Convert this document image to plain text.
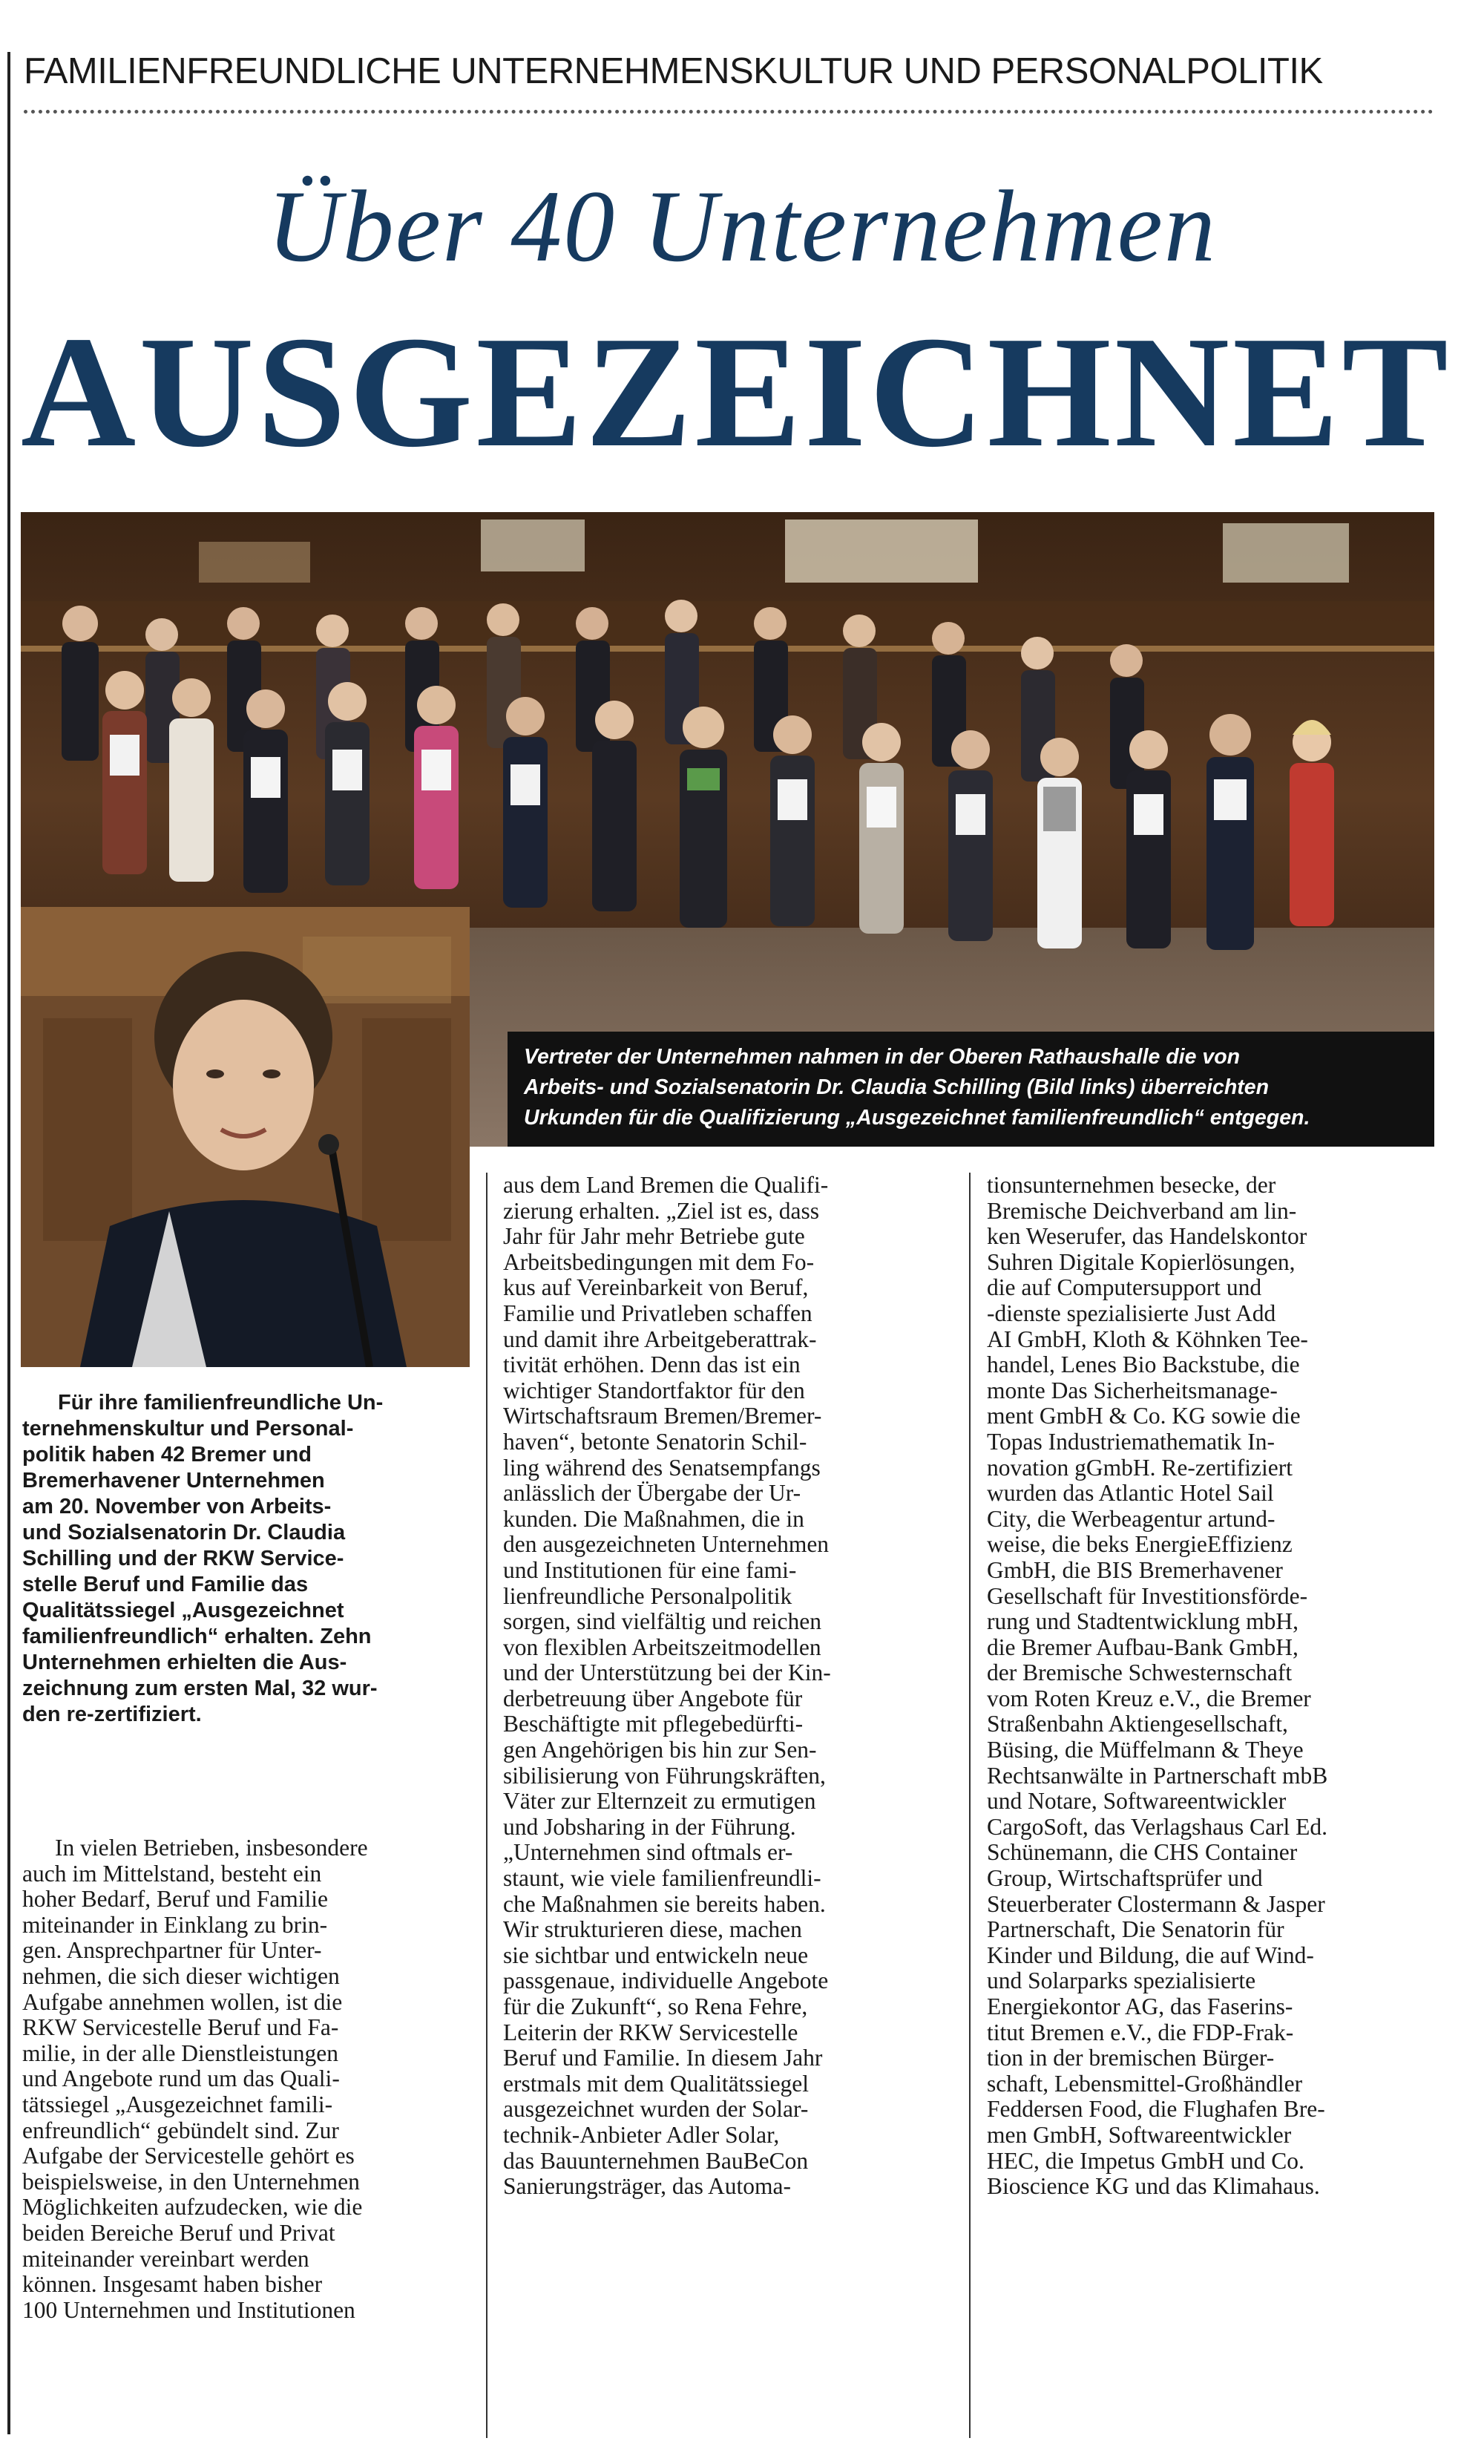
FAMILIENFREUNDLICHE UNTERNEHMENSKULTUR UND PERSONALPOLITIK
Über 40 Unternehmen
AUSGEZEICHNET
Vertreter der Unternehmen nahmen in der Oberen Rathaushalle die von
Arbeits- und Sozialsenatorin Dr. Claudia Schilling (Bild links) überreichten
Urkunden für die Qualifizierung „Ausgezeichnet familienfreundlich“ entgegen.
Für ihre familienfreundliche Un-
ternehmenskultur und Personal-
politik haben 42 Bremer und
Bremerhavener Unternehmen
am 20. November von Arbeits-
und Sozialsenatorin Dr. Claudia
Schilling und der RKW Service-
stelle Beruf und Familie das
Qualitätssiegel „Ausgezeichnet
familienfreundlich“ erhalten. Zehn
Unternehmen erhielten die Aus-
zeichnung zum ersten Mal, 32 wur-
den re-zertifiziert.
In vielen Betrieben, insbesondere
auch im Mittelstand, besteht ein
hoher Bedarf, Beruf und Familie
miteinander in Einklang zu brin-
gen. Ansprechpartner für Unter-
nehmen, die sich dieser wichtigen
Aufgabe annehmen wollen, ist die
RKW Servicestelle Beruf und Fa-
milie, in der alle Dienstleistungen
und Angebote rund um das Quali-
tätssiegel „Ausgezeichnet famili-
enfreundlich“ gebündelt sind. Zur
Aufgabe der Servicestelle gehört es
beispielsweise, in den Unternehmen
Möglichkeiten aufzudecken, wie die
beiden Bereiche Beruf und Privat
miteinander vereinbart werden
können. Insgesamt haben bisher
100 Unternehmen und Institutionen
aus dem Land Bremen die Qualifi-
zierung erhalten. „Ziel ist es, dass
Jahr für Jahr mehr Betriebe gute
Arbeitsbedingungen mit dem Fo-
kus auf Vereinbarkeit von Beruf,
Familie und Privatleben schaffen
und damit ihre Arbeitgeberattrak-
tivität erhöhen. Denn das ist ein
wichtiger Standortfaktor für den
Wirtschaftsraum Bremen/Bremer-
haven“, betonte Senatorin Schil-
ling während des Senatsempfangs
anlässlich der Übergabe der Ur-
kunden. Die Maßnahmen, die in
den ausgezeichneten Unternehmen
und Institutionen für eine fami-
lienfreundliche Personalpolitik
sorgen, sind vielfältig und reichen
von flexiblen Arbeitszeitmodellen
und der Unterstützung bei der Kin-
derbetreuung über Angebote für
Beschäftigte mit pflegebedürfti-
gen Angehörigen bis hin zur Sen-
sibilisierung von Führungskräften,
Väter zur Elternzeit zu ermutigen
und Jobsharing in der Führung.
„Unternehmen sind oftmals er-
staunt, wie viele familienfreundli-
che Maßnahmen sie bereits haben.
Wir strukturieren diese, machen
sie sichtbar und entwickeln neue
passgenaue, individuelle Angebote
für die Zukunft“, so Rena Fehre,
Leiterin der RKW Servicestelle
Beruf und Familie. In diesem Jahr
erstmals mit dem Qualitätssiegel
ausgezeichnet wurden der Solar-
technik-Anbieter Adler Solar,
das Bauunternehmen BauBeCon
Sanierungsträger, das Automa-
tionsunternehmen besecke, der
Bremische Deichverband am lin-
ken Weserufer, das Handelskontor
Suhren Digitale Kopierlösungen,
die auf Computersupport und
-dienste spezialisierte Just Add
AI GmbH, Kloth & Köhnken Tee-
handel, Lenes Bio Backstube, die
monte Das Sicherheitsmanage-
ment GmbH & Co. KG sowie die
Topas Industriemathematik In-
novation gGmbH. Re-zertifiziert
wurden das Atlantic Hotel Sail
City, die Werbeagentur artund-
weise, die beks EnergieEffizienz
GmbH, die BIS Bremerhavener
Gesellschaft für Investitionsförde-
rung und Stadtentwicklung mbH,
die Bremer Aufbau-Bank GmbH,
der Bremische Schwesternschaft
vom Roten Kreuz e.V., die Bremer
Straßenbahn Aktiengesellschaft,
Büsing, die Müffelmann & Theye
Rechtsanwälte in Partnerschaft mbB
und Notare, Softwareentwickler
CargoSoft, das Verlagshaus Carl Ed.
Schünemann, die CHS Container
Group, Wirtschaftsprüfer und
Steuerberater Clostermann & Jasper
Partnerschaft, Die Senatorin für
Kinder und Bildung, die auf Wind-
und Solarparks spezialisierte
Energiekontor AG, das Faserins-
titut Bremen e.V., die FDP-Frak-
tion in der bremischen Bürger-
schaft, Lebensmittel-Großhändler
Feddersen Food, die Flughafen Bre-
men GmbH, Softwareentwickler
HEC, die Impetus GmbH und Co.
Bioscience KG und das Klimahaus.
